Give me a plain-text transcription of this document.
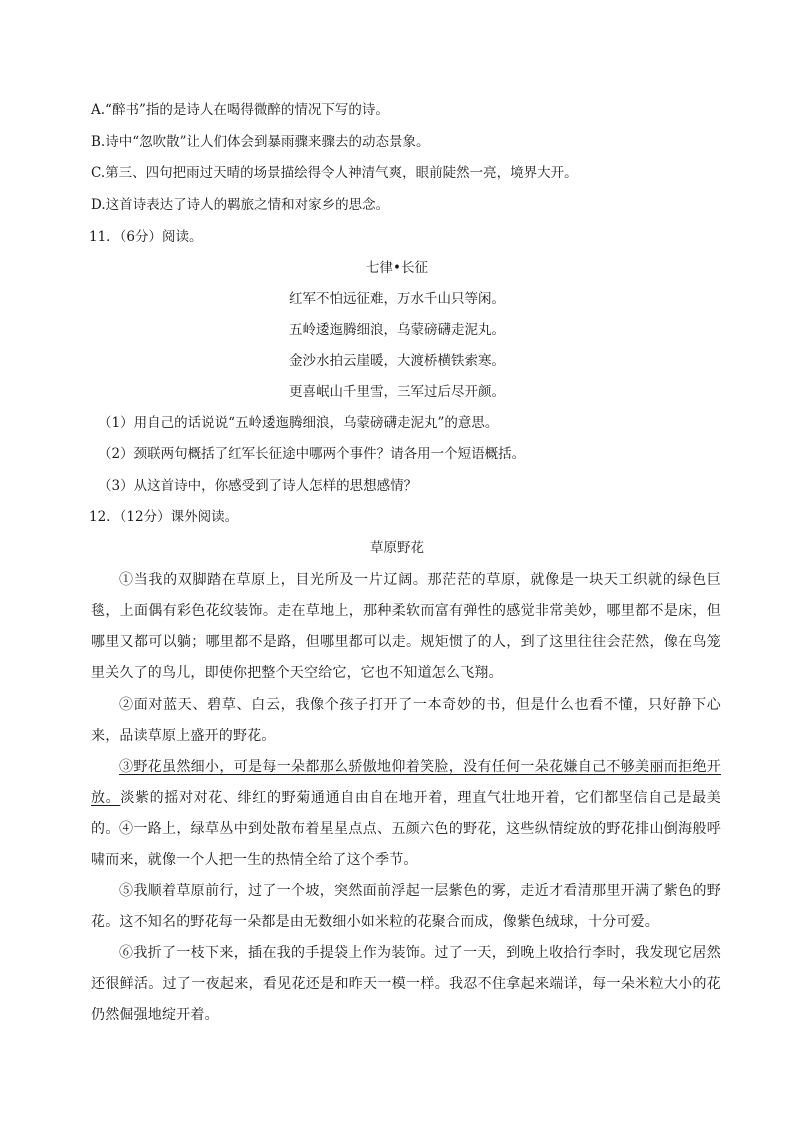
A.“醉书”指的是诗人在喝得微醉的情况下写的诗。
B.诗中“忽吹散”让人们体会到暴雨骤来骤去的动态景象。
C.第三、四句把雨过天晴的场景描绘得令人神清气爽，眼前陡然一亮，境界大开。
D.这首诗表达了诗人的羁旅之情和对家乡的思念。
11．（6分）阅读。
七律•长征
红军不怕远征难，万水千山只等闲。
五岭逶迤腾细浪，乌蒙磅礴走泥丸。
金沙水拍云崖暖，大渡桥横铁索寒。
更喜岷山千里雪，三军过后尽开颜。
（1）用自己的话说说“五岭逶迤腾细浪，乌蒙磅礴走泥丸”的意思。
（2）颈联两句概括了红军长征途中哪两个事件？请各用一个短语概括。
（3）从这首诗中，你感受到了诗人怎样的思想感情？
12．（12分）课外阅读。
草原野花
①当我的双脚踏在草原上，目光所及一片辽阔。那茫茫的草原，就像是一块天工织就的绿色巨毯，上面偶有彩色花纹装饰。走在草地上，那种柔软而富有弹性的感觉非常美妙，哪里都不是床，但哪里又都可以躺；哪里都不是路，但哪里都可以走。规矩惯了的人，到了这里往往会茫然，像在鸟笼里关久了的鸟儿，即使你把整个天空给它，它也不知道怎么飞翔。
②面对蓝天、碧草、白云，我像个孩子打开了一本奇妙的书，但是什么也看不懂，只好静下心来，品读草原上盛开的野花。
③野花虽然细小，可是每一朵都那么骄傲地仰着笑脸，没有任何一朵花嫌自己不够美丽而拒绝开放。淡紫的摇对对花、绯红的野菊通通自由自在地开着，理直气壮地开着，它们都坚信自己是最美的。 ④一路上，绿草丛中到处散布着星星点点、五颜六色的野花，这些纵情绽放的野花排山倒海般呼啸而来，就像一个人把一生的热情全给了这个季节。
⑤我顺着草原前行，过了一个坡，突然面前浮起一层紫色的雾，走近才看清那里开满了紫色的野花。这不知名的野花每一朵都是由无数细小如米粒的花聚合而成，像紫色绒球，十分可爱。
⑥我折了一枝下来，插在我的手提袋上作为装饰。过了一天，到晚上收拾行李时，我发现它居然还很鲜活。过了一夜起来，看见花还是和昨天一模一样。我忍不住拿起来端详，每一朵米粒大小的花仍然倔强地绽开着。
